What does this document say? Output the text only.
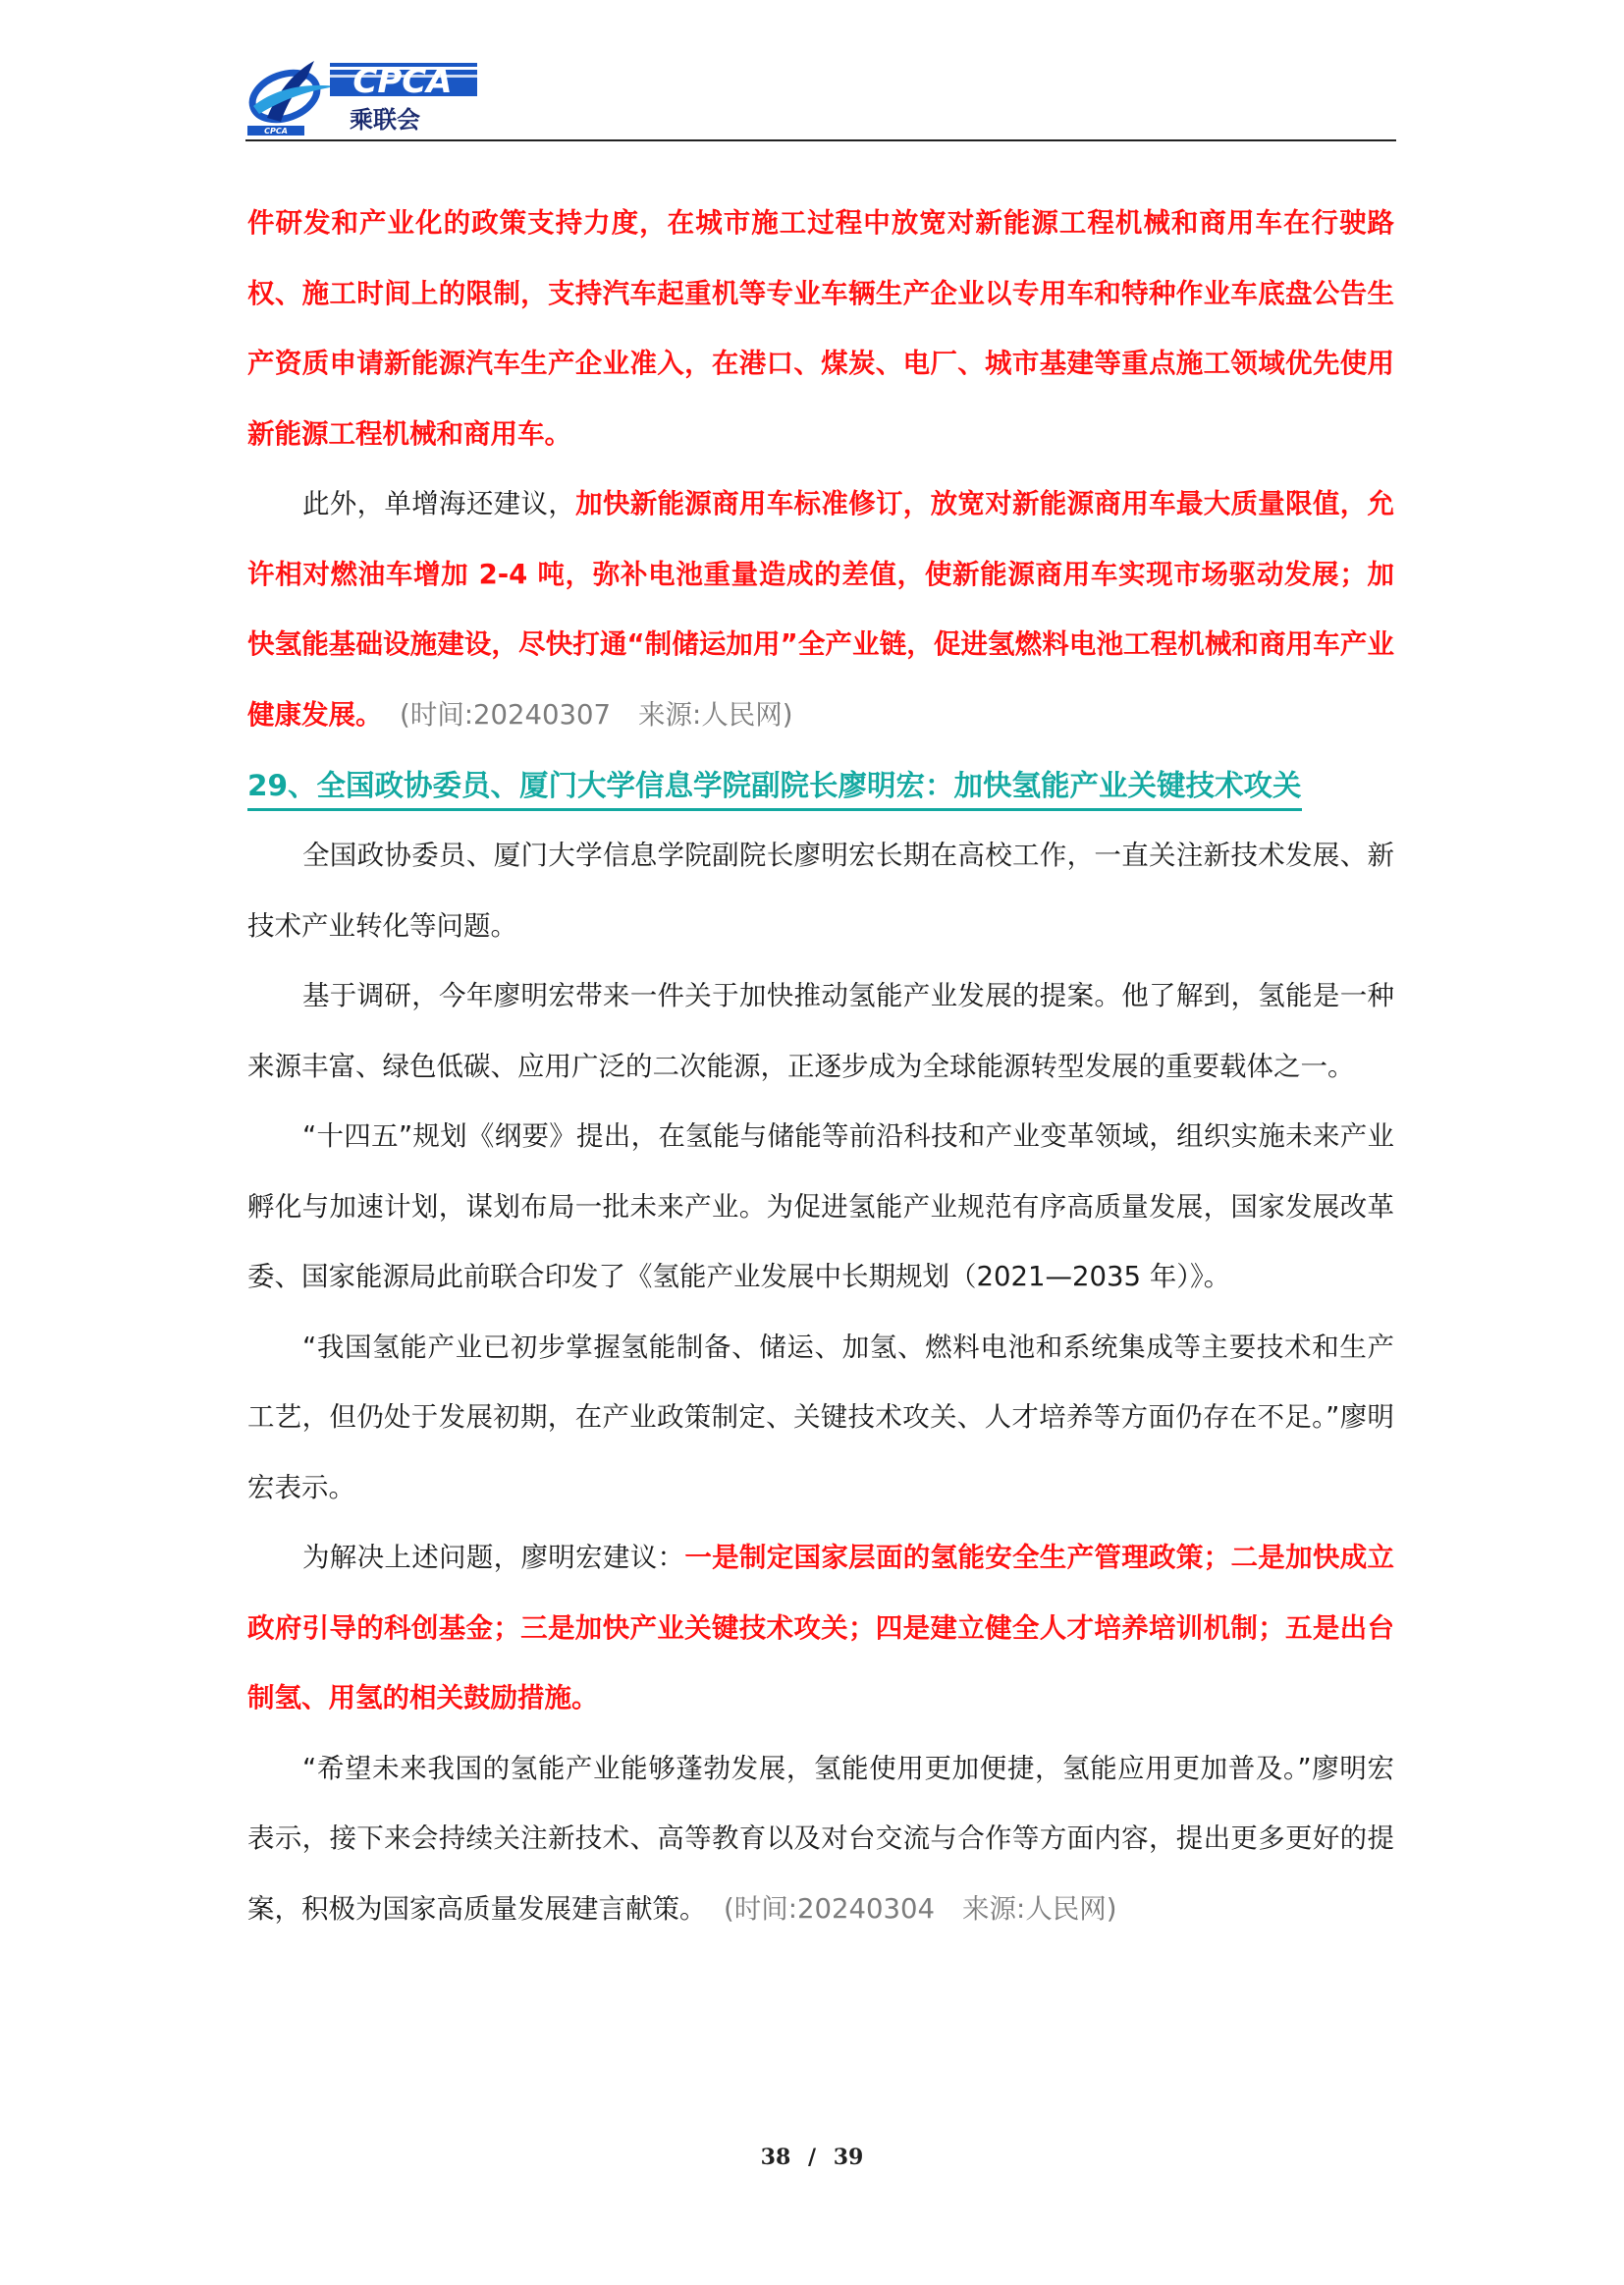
CPCA
CPCA
乘联会

件研发和产业化的政策支持力度，在城市施工过程中放宽对新能源工程机械和商用车在行驶路权、施工时间上的限制，支持汽车起重机等专业车辆生产企业以专用车和特种作业车底盘公告生产资质申请新能源汽车生产企业准入，在港口、煤炭、电厂、城市基建等重点施工领域优先使用新能源工程机械和商用车。

此外，单增海还建议，加快新能源商用车标准修订，放宽对新能源商用车最大质量限值，允许相对燃油车增加 2-4 吨，弥补电池重量造成的差值，使新能源商用车实现市场驱动发展；加快氢能基础设施建设，尽快打通“制储运加用”全产业链，促进氢燃料电池工程机械和商用车产业健康发展。 (时间:20240307 来源:人民网)

29、全国政协委员、厦门大学信息学院副院长廖明宏：加快氢能产业关键技术攻关

全国政协委员、厦门大学信息学院副院长廖明宏长期在高校工作，一直关注新技术发展、新技术产业转化等问题。

基于调研，今年廖明宏带来一件关于加快推动氢能产业发展的提案。他了解到，氢能是一种来源丰富、绿色低碳、应用广泛的二次能源，正逐步成为全球能源转型发展的重要载体之一。

“十四五”规划《纲要》提出，在氢能与储能等前沿科技和产业变革领域，组织实施未来产业孵化与加速计划，谋划布局一批未来产业。为促进氢能产业规范有序高质量发展，国家发展改革委、国家能源局此前联合印发了《氢能产业发展中长期规划（2021—2035 年）》。

“我国氢能产业已初步掌握氢能制备、储运、加氢、燃料电池和系统集成等主要技术和生产工艺，但仍处于发展初期，在产业政策制定、关键技术攻关、人才培养等方面仍存在不足。”廖明宏表示。

为解决上述问题，廖明宏建议：一是制定国家层面的氢能安全生产管理政策；二是加快成立政府引导的科创基金；三是加快产业关键技术攻关；四是建立健全人才培养培训机制；五是出台制氢、用氢的相关鼓励措施。

“希望未来我国的氢能产业能够蓬勃发展，氢能使用更加便捷，氢能应用更加普及。”廖明宏表示，接下来会持续关注新技术、高等教育以及对台交流与合作等方面内容，提出更多更好的提案，积极为国家高质量发展建言献策。 (时间:20240304 来源:人民网)

38 / 39
